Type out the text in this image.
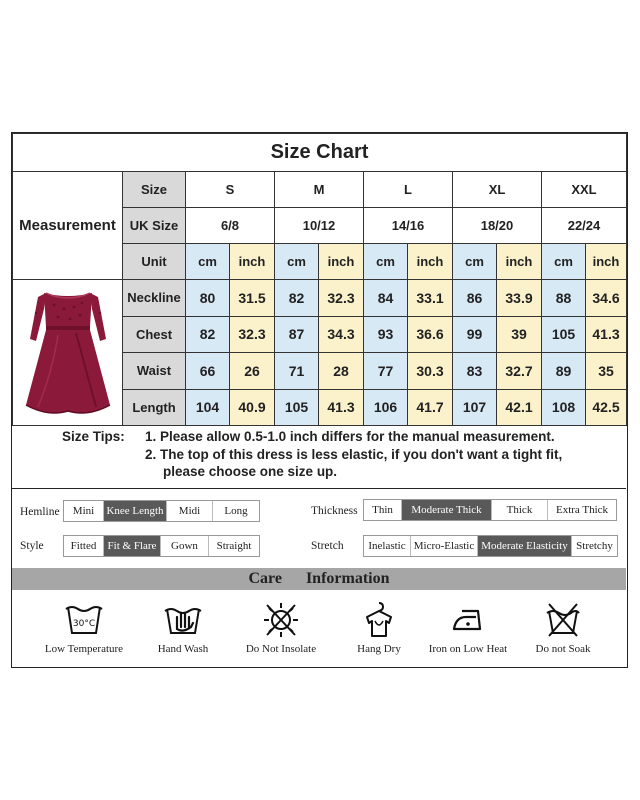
Size Chart											
Measurement	Size	S		M		L		XL		XXL	
	UK Size	6/8		10/12		14/16		18/20		22/24	
	Unit	cm	inch	cm	inch	cm	inch	cm	inch	cm	inch

	Neckline	80	31.5	82	32.3	84	33.1	86	33.9	88	34.6
	Chest	82	32.3	87	34.3	93	36.6	99	39	105	41.3
	Waist	66	26	71	28	77	30.3	83	32.7	89	35
	Length	104	40.9	105	41.3	106	41.7	107	42.1	108	42.5
Size Tips: 1. Please allow 0.5-1.0 inch differs for the manual measurement.
2. The top of this dress is less elastic, if you don't want a tight fit,
please choose one size up.
Hemline	Mini	Knee Length	Midi	Long
Style	Fitted	Fit & Flare	Gown	Straight
Thickness	Thin	Moderate Thick	Thick	Extra Thick
Stretch	Inelastic Micro-Elastic Moderate Elasticity Stretchy
Care Information
30°C
Low Temperature	Hand Wash	Do Not Insolate	Hang Dry	Iron on Low Heat	Do not Soak
